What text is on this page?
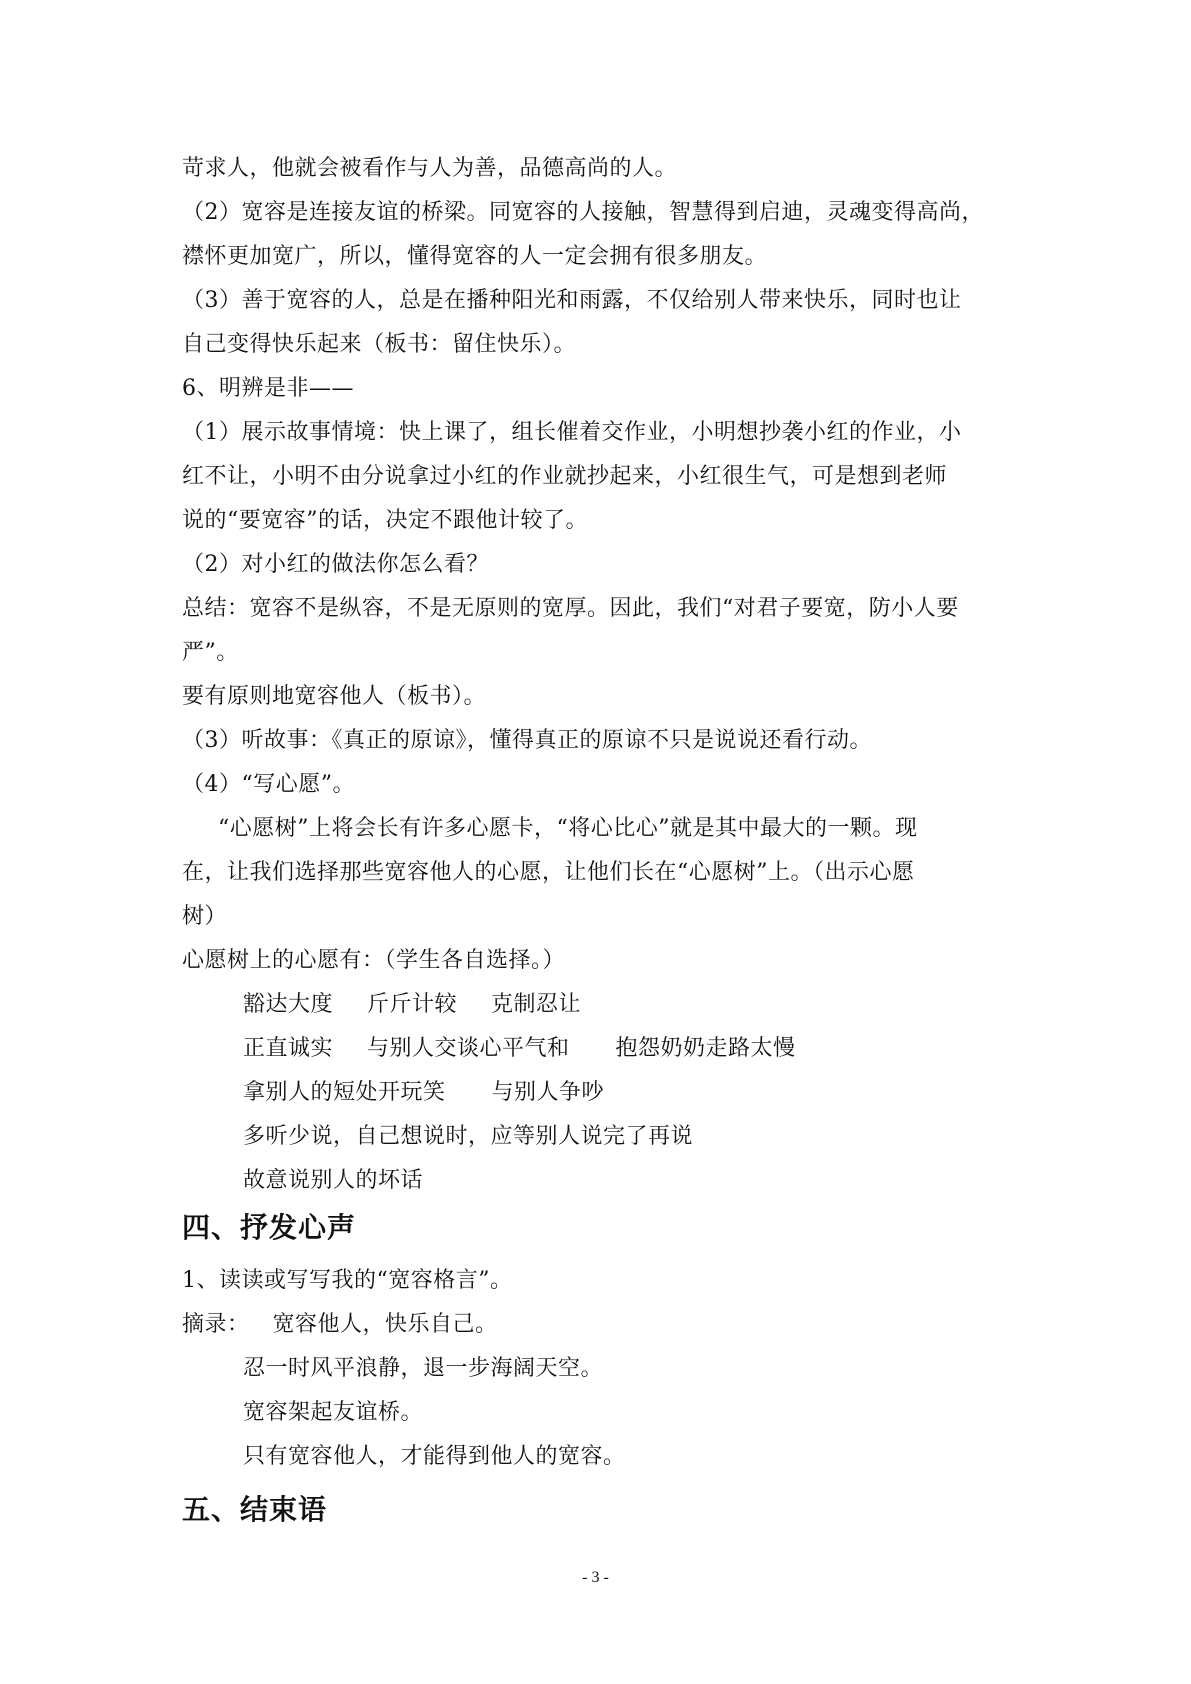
苛求人，他就会被看作与人为善，品德高尚的人。
（2）宽容是连接友谊的桥梁。同宽容的人接触，智慧得到启迪，灵魂变得高尚，
襟怀更加宽广，所以，懂得宽容的人一定会拥有很多朋友。
（3）善于宽容的人，总是在播种阳光和雨露，不仅给别人带来快乐，同时也让
自己变得快乐起来（板书：留住快乐）。
6、明辨是非——
（1）展示故事情境：快上课了，组长催着交作业，小明想抄袭小红的作业，小
红不让，小明不由分说拿过小红的作业就抄起来，小红很生气，可是想到老师
说的“要宽容”的话，决定不跟他计较了。
（2）对小红的做法你怎么看？
总结：宽容不是纵容，不是无原则的宽厚。因此，我们“对君子要宽，防小人要
严”。
要有原则地宽容他人（板书）。
（3）听故事：《真正的原谅》，懂得真正的原谅不只是说说还看行动。
（4）“写心愿”。
“心愿树”上将会长有许多心愿卡，“将心比心”就是其中最大的一颗。现
在，让我们选择那些宽容他人的心愿，让他们长在“心愿树”上。（出示心愿
树）
心愿树上的心愿有：（学生各自选择。）
豁达大度 斤斤计较 克制忍让
正直诚实 与别人交谈心平气和 抱怨奶奶走路太慢
拿别人的短处开玩笑 与别人争吵
多听少说，自己想说时，应等别人说完了再说
故意说别人的坏话
四、抒发心声
1、读读或写写我的“宽容格言”。
摘录： 宽容他人，快乐自己。
忍一时风平浪静，退一步海阔天空。
宽容架起友谊桥。
只有宽容他人，才能得到他人的宽容。
五、结束语
- 3 -
